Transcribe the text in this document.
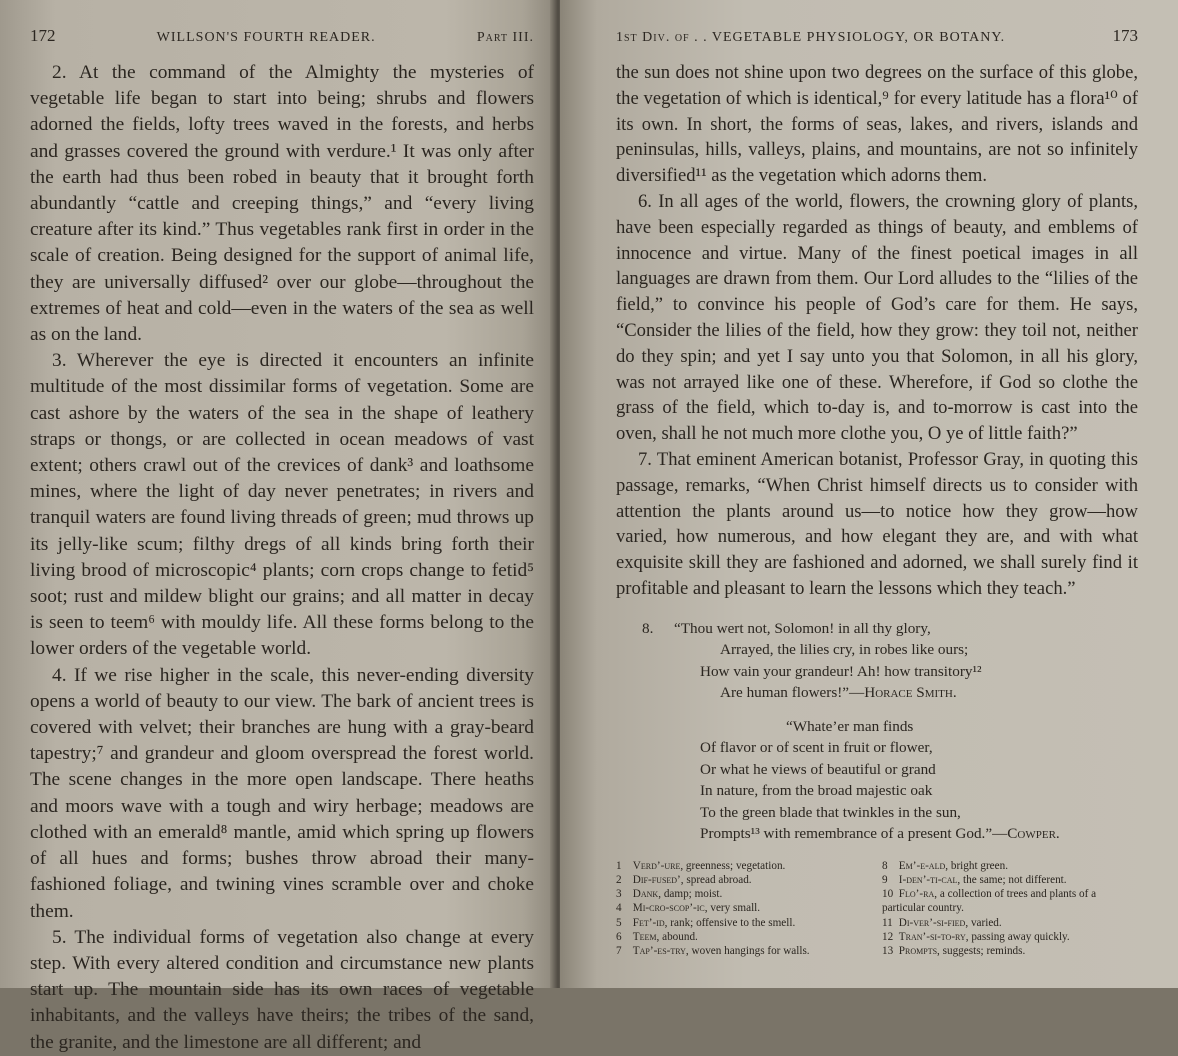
172	WILLSON'S FOURTH READER.	Part III.

2. At the command of the Almighty the mysteries of vegetable life began to start into being; shrubs and flowers adorned the fields, lofty trees waved in the forests, and herbs and grasses covered the ground with verdure.¹ It was only after the earth had thus been robed in beauty that it brought forth abundantly “cattle and creeping things,” and “every living creature after its kind.” Thus vegetables rank first in order in the scale of creation. Being designed for the support of animal life, they are universally diffused² over our globe—throughout the extremes of heat and cold—even in the waters of the sea as well as on the land.

3. Wherever the eye is directed it encounters an infinite multitude of the most dissimilar forms of vegetation. Some are cast ashore by the waters of the sea in the shape of leathery straps or thongs, or are collected in ocean meadows of vast extent; others crawl out of the crevices of dank³ and loathsome mines, where the light of day never penetrates; in rivers and tranquil waters are found living threads of green; mud throws up its jelly-like scum; filthy dregs of all kinds bring forth their living brood of microscopic⁴ plants; corn crops change to fetid⁵ soot; rust and mildew blight our grains; and all matter in decay is seen to teem⁶ with mouldy life. All these forms belong to the lower orders of the vegetable world.

4. If we rise higher in the scale, this never-ending diversity opens a world of beauty to our view. The bark of ancient trees is covered with velvet; their branches are hung with a gray-beard tapestry;⁷ and grandeur and gloom overspread the forest world. The scene changes in the more open landscape. There heaths and moors wave with a tough and wiry herbage; meadows are clothed with an emerald⁸ mantle, amid which spring up flowers of all hues and forms; bushes throw abroad their many-fashioned foliage, and twining vines scramble over and choke them.

5. The individual forms of vegetation also change at every step. With every altered condition and circumstance new plants start up. The mountain side has its own races of vegetable inhabitants, and the valleys have theirs; the tribes of the sand, the granite, and the limestone are all different; and

1st Div. of . . VEGETABLE PHYSIOLOGY, OR BOTANY.	173

the sun does not shine upon two degrees on the surface of this globe, the vegetation of which is identical,⁹ for every latitude has a flora¹⁰ of its own. In short, the forms of seas, lakes, and rivers, islands and peninsulas, hills, valleys, plains, and mountains, are not so infinitely diversified¹¹ as the vegetation which adorns them.

6. In all ages of the world, flowers, the crowning glory of plants, have been especially regarded as things of beauty, and emblems of innocence and virtue. Many of the finest poetical images in all languages are drawn from them. Our Lord alludes to the “lilies of the field,” to convince his people of God’s care for them. He says, “Consider the lilies of the field, how they grow: they toil not, neither do they spin; and yet I say unto you that Solomon, in all his glory, was not arrayed like one of these. Wherefore, if God so clothe the grass of the field, which to-day is, and to-morrow is cast into the oven, shall he not much more clothe you, O ye of little faith?”

7. That eminent American botanist, Professor Gray, in quoting this passage, remarks, “When Christ himself directs us to consider with attention the plants around us—to notice how they grow—how varied, how numerous, and how elegant they are, and with what exquisite skill they are fashioned and adorned, we shall surely find it profitable and pleasant to learn the lessons which they teach.”

8. “Thou wert not, Solomon! in all thy glory,
Arrayed, the lilies cry, in robes like ours;
How vain your grandeur! Ah! how transitory¹²
Are human flowers!”—Horace Smith.
“Whate’er man finds
Of flavor or of scent in fruit or flower,
Or what he views of beautiful or grand
In nature, from the broad majestic oak
To the green blade that twinkles in the sun,
Prompts¹³ with remembrance of a present God.”—Cowper.
1 Verd’-ure, greenness; vegetation.
2 Dif-fused’, spread abroad.
3 Dank, damp; moist.
4 Mi-cro-scop’-ic, very small.
5 Fet’-id, rank; offensive to the smell.
6 Teem, abound.
7 Tap’-es-try, woven hangings for walls.
8 Em’-e-ald, bright green.
9 I-den’-ti-cal, the same; not different.
10 Flo’-ra, a collection of trees and plants of a particular country.
11 Di-ver’-si-fied, varied.
12 Tran’-si-to-ry, passing away quickly.
13 Prompts, suggests; reminds.
